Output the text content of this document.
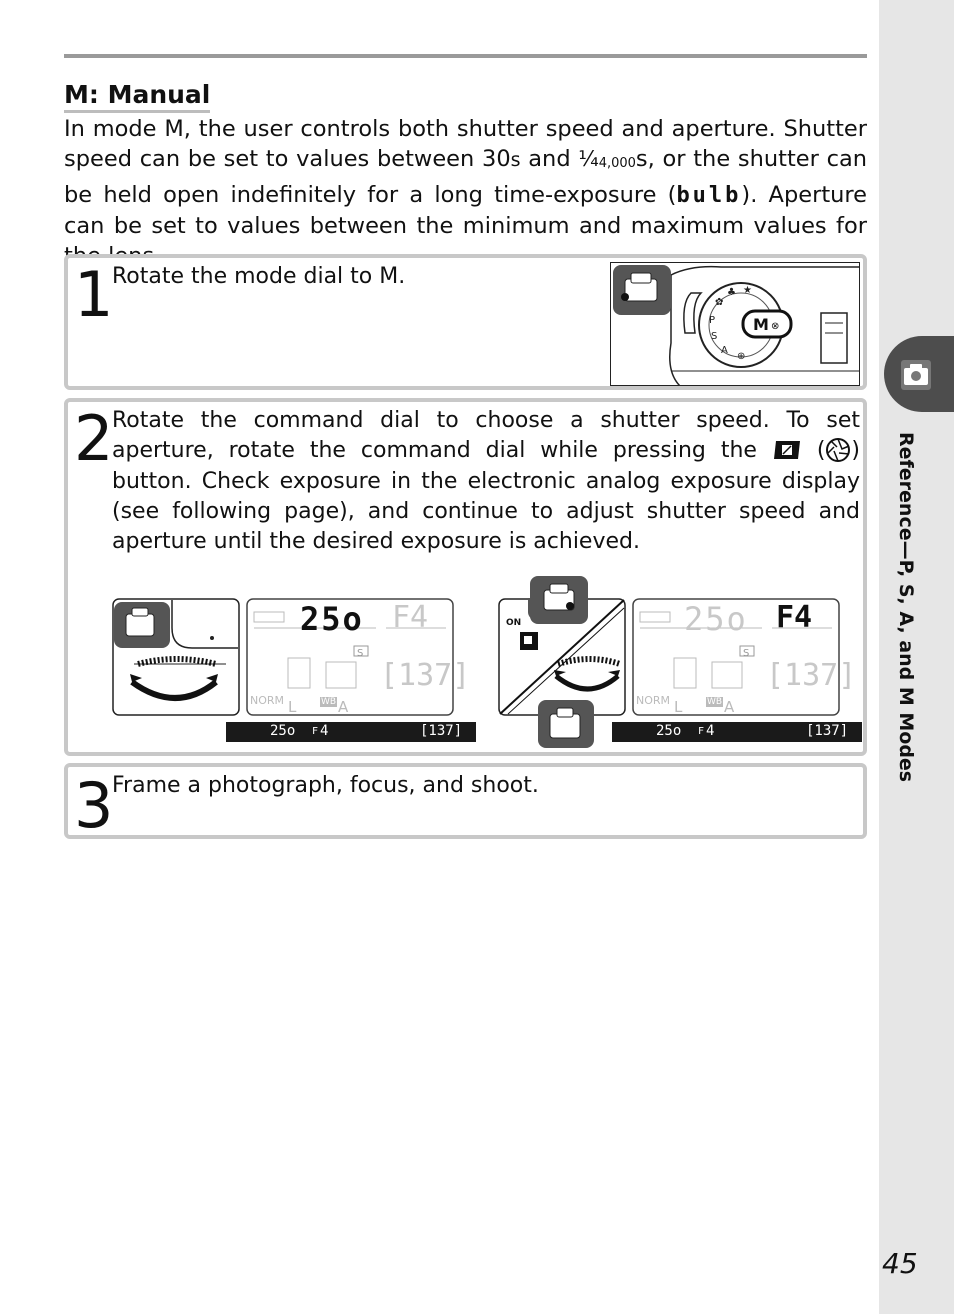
M: Manual
In mode M, the user controls both shutter speed and aperture. Shutter speed can be set to values between 30s and $\frac{1}{4}_{4,000}s$, or the shutter can be held open indefinitely for a long time-exposure (bulb). Aperture can be set to values between the minimum and maximum values for
1
Rotate the mode dial to M.
✿
♣ ★
P
S
A
⊕
M ⊗
2
Rotate the command dial to choose a shutter speed. To set aperture, rotate the command dial while pressing the  ( ) button. Check exposure in the electronic analog exposure display (see following page), and continue to adjust shutter speed and aperture until the desired exposure is achieved.
25o F4
[137]
S
NORM L	WB A
25o F 4	[137]
ON	25o F4
[137]
S
NORM L	WB A
25o F 4	[137]
3
Frame a photograph, focus, and shoot.
Reference—P, S, A, and M Modes
45
